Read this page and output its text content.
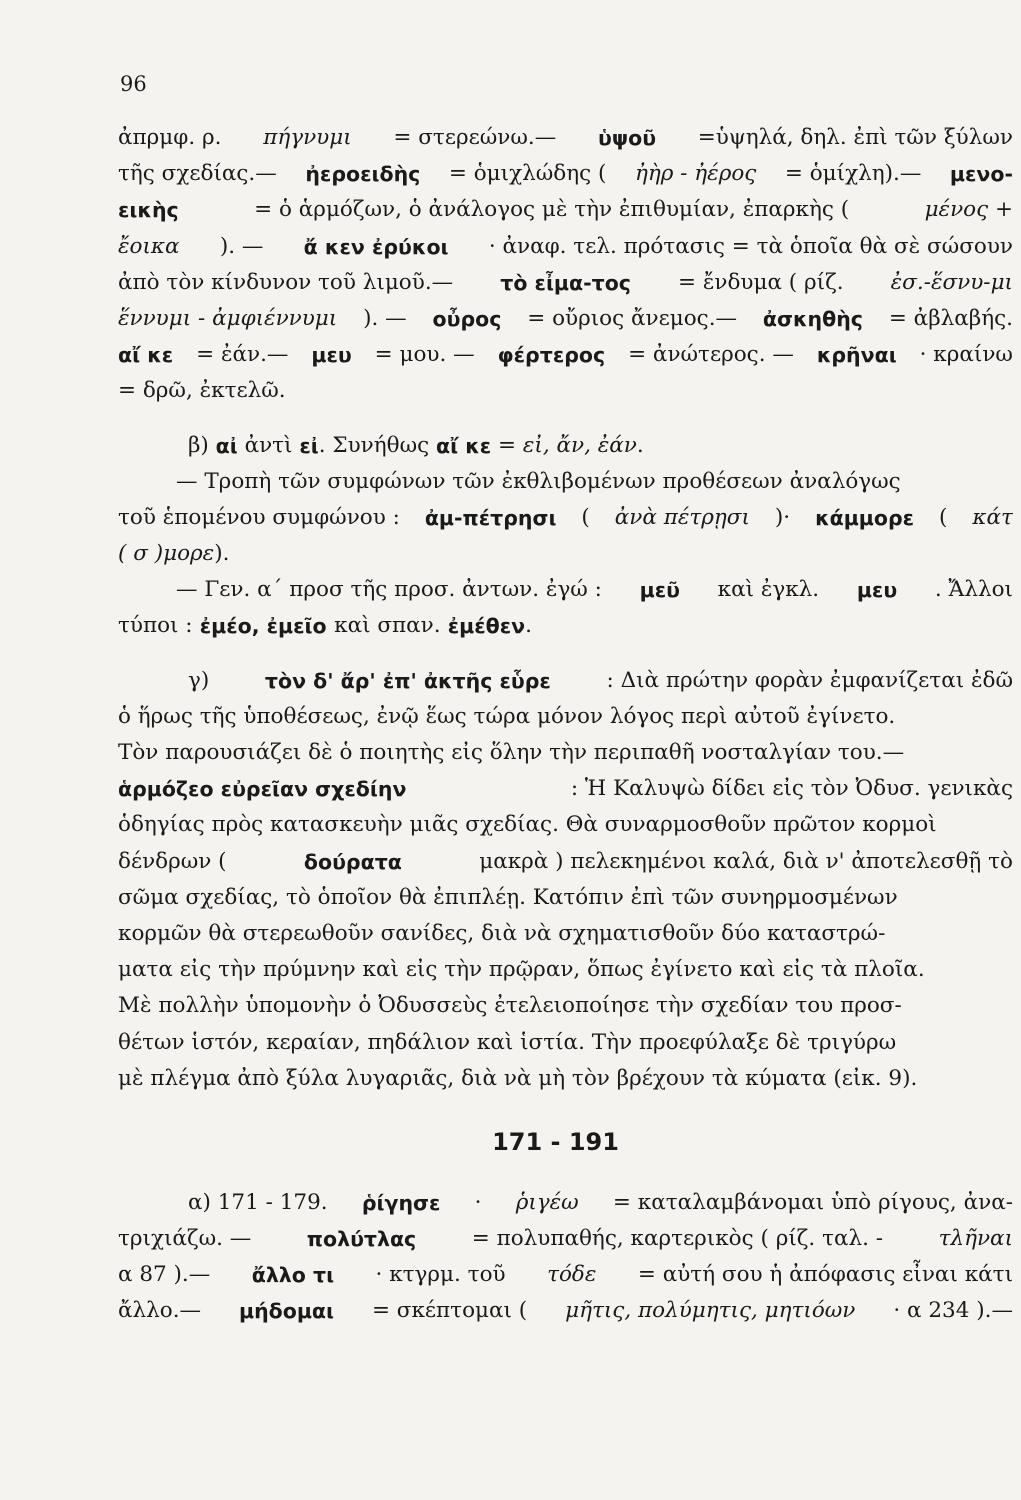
96
ἀπρμφ. ρ. πήγνυμι = στερεώνω.— ὑψοῦ =ὑψηλά, δηλ. ἐπὶ τῶν ξύλων
τῆς σχεδίας.— ἠεροειδὴς = ὁμιχλώδης ( ἠὴρ - ἠέρος = ὁμίχλη).— μενο-
εικὴς	= ὁ ἁρμόζων, ὁ ἀνάλογος μὲ τὴν ἐπιθυμίαν, ἐπαρκὴς (	μένος +
ἔοικα ). — ἄ κεν ἐρύκοι · ἀναφ. τελ. πρότασις = τὰ ὁποῖα θὰ σὲ σώσουν
ἀπὸ τὸν κίνδυνον τοῦ λιμοῦ.— τὸ εἶμα-τος = ἔνδυμα ( ρίζ. ἐσ.-ἕσνυ-μι
ἕννυμι - ἀμφιέννυμι ). — οὖρος = οὔριος ἄνεμος.— ἀσκηθὴς = ἀβλαβής.
αἴ κε = ἐάν.— μευ = μου. — φέρτερος = ἀνώτερος. — κρῆναι · κραίνω
= δρῶ, ἐκτελῶ.
β) αἰ ἀντὶ εἰ . Συνήθως αἴ κε = εἰ, ἄν, ἐάν .
— Τροπὴ τῶν συμφώνων τῶν ἐκθλιβομένων προθέσεων ἀναλόγως
τοῦ ἑπομένου συμφώνου : ἀμ-πέτρησι ( ἀνὰ πέτρῃσι )· κάμμορε ( κάτ
( σ )μορε ).
— Γεν. α΄ προσ τῆς προσ. ἀντων. ἐγώ : μεῦ καὶ ἐγκλ. μευ . Ἄλλοι
τύποι : ἐμέο, ἐμεῖο καὶ σπαν. ἐμέθεν .
γ)	τὸν δ' ἄρ' ἐπ' ἀκτῆς εὗρε	: Διὰ πρώτην φορὰν ἐμφανίζεται ἐδῶ
ὁ ἥρως τῆς ὑποθέσεως, ἐνῷ ἕως τώρα μόνον λόγος περὶ αὐτοῦ ἐγίνετο.
Τὸν παρουσιάζει δὲ ὁ ποιητὴς εἰς ὅλην τὴν περιπαθῆ νοσταλγίαν του.—
ἁρμόζεο εὐρεῖαν σχεδίην	: Ἡ Καλυψὼ δίδει εἰς τὸν Ὀδυσ. γενικὰς
ὁδηγίας πρὸς κατασκευὴν μιᾶς σχεδίας. Θὰ συναρμοσθοῦν πρῶτον κορμοὶ
δένδρων (	δούρατα	μακρὰ ) πελεκημένοι καλά, διὰ ν' ἀποτελεσθῇ τὸ
σῶμα σχεδίας, τὸ ὁποῖον θὰ ἐπιπλέῃ. Κατόπιν ἐπὶ τῶν συνηρμοσμένων
κορμῶν θὰ στερεωθοῦν σανίδες, διὰ νὰ σχηματισθοῦν δύο καταστρώ-
ματα εἰς τὴν πρύμνην καὶ εἰς τὴν πρῷραν, ὅπως ἐγίνετο καὶ εἰς τὰ πλοῖα.
Μὲ πολλὴν ὑπομονὴν ὁ Ὀδυσσεὺς ἐτελειοποίησε τὴν σχεδίαν του προσ-
θέτων ἱστόν, κεραίαν, πηδάλιον καὶ ἱστία. Τὴν προεφύλαξε δὲ τριγύρω
μὲ πλέγμα ἀπὸ ξύλα λυγαριᾶς, διὰ νὰ μὴ τὸν βρέχουν τὰ κύματα (εἰκ. 9).
171 - 191
α) 171 - 179. ῥίγησε · ῥιγέω = καταλαμβάνομαι ὑπὸ ρίγους, ἀνα-
τριχιάζω. —	πολύτλας	= πολυπαθής, καρτερικὸς ( ρίζ. ταλ. -	τλῆναι
α 87 ).— ἄλλο τι · κτγρμ. τοῦ τόδε = αὐτή σου ἡ ἀπόφασις εἶναι κάτι
ἄλλο.— μήδομαι = σκέπτομαι ( μῆτις, πολύμητις, μητιόων · α 234 ).—
